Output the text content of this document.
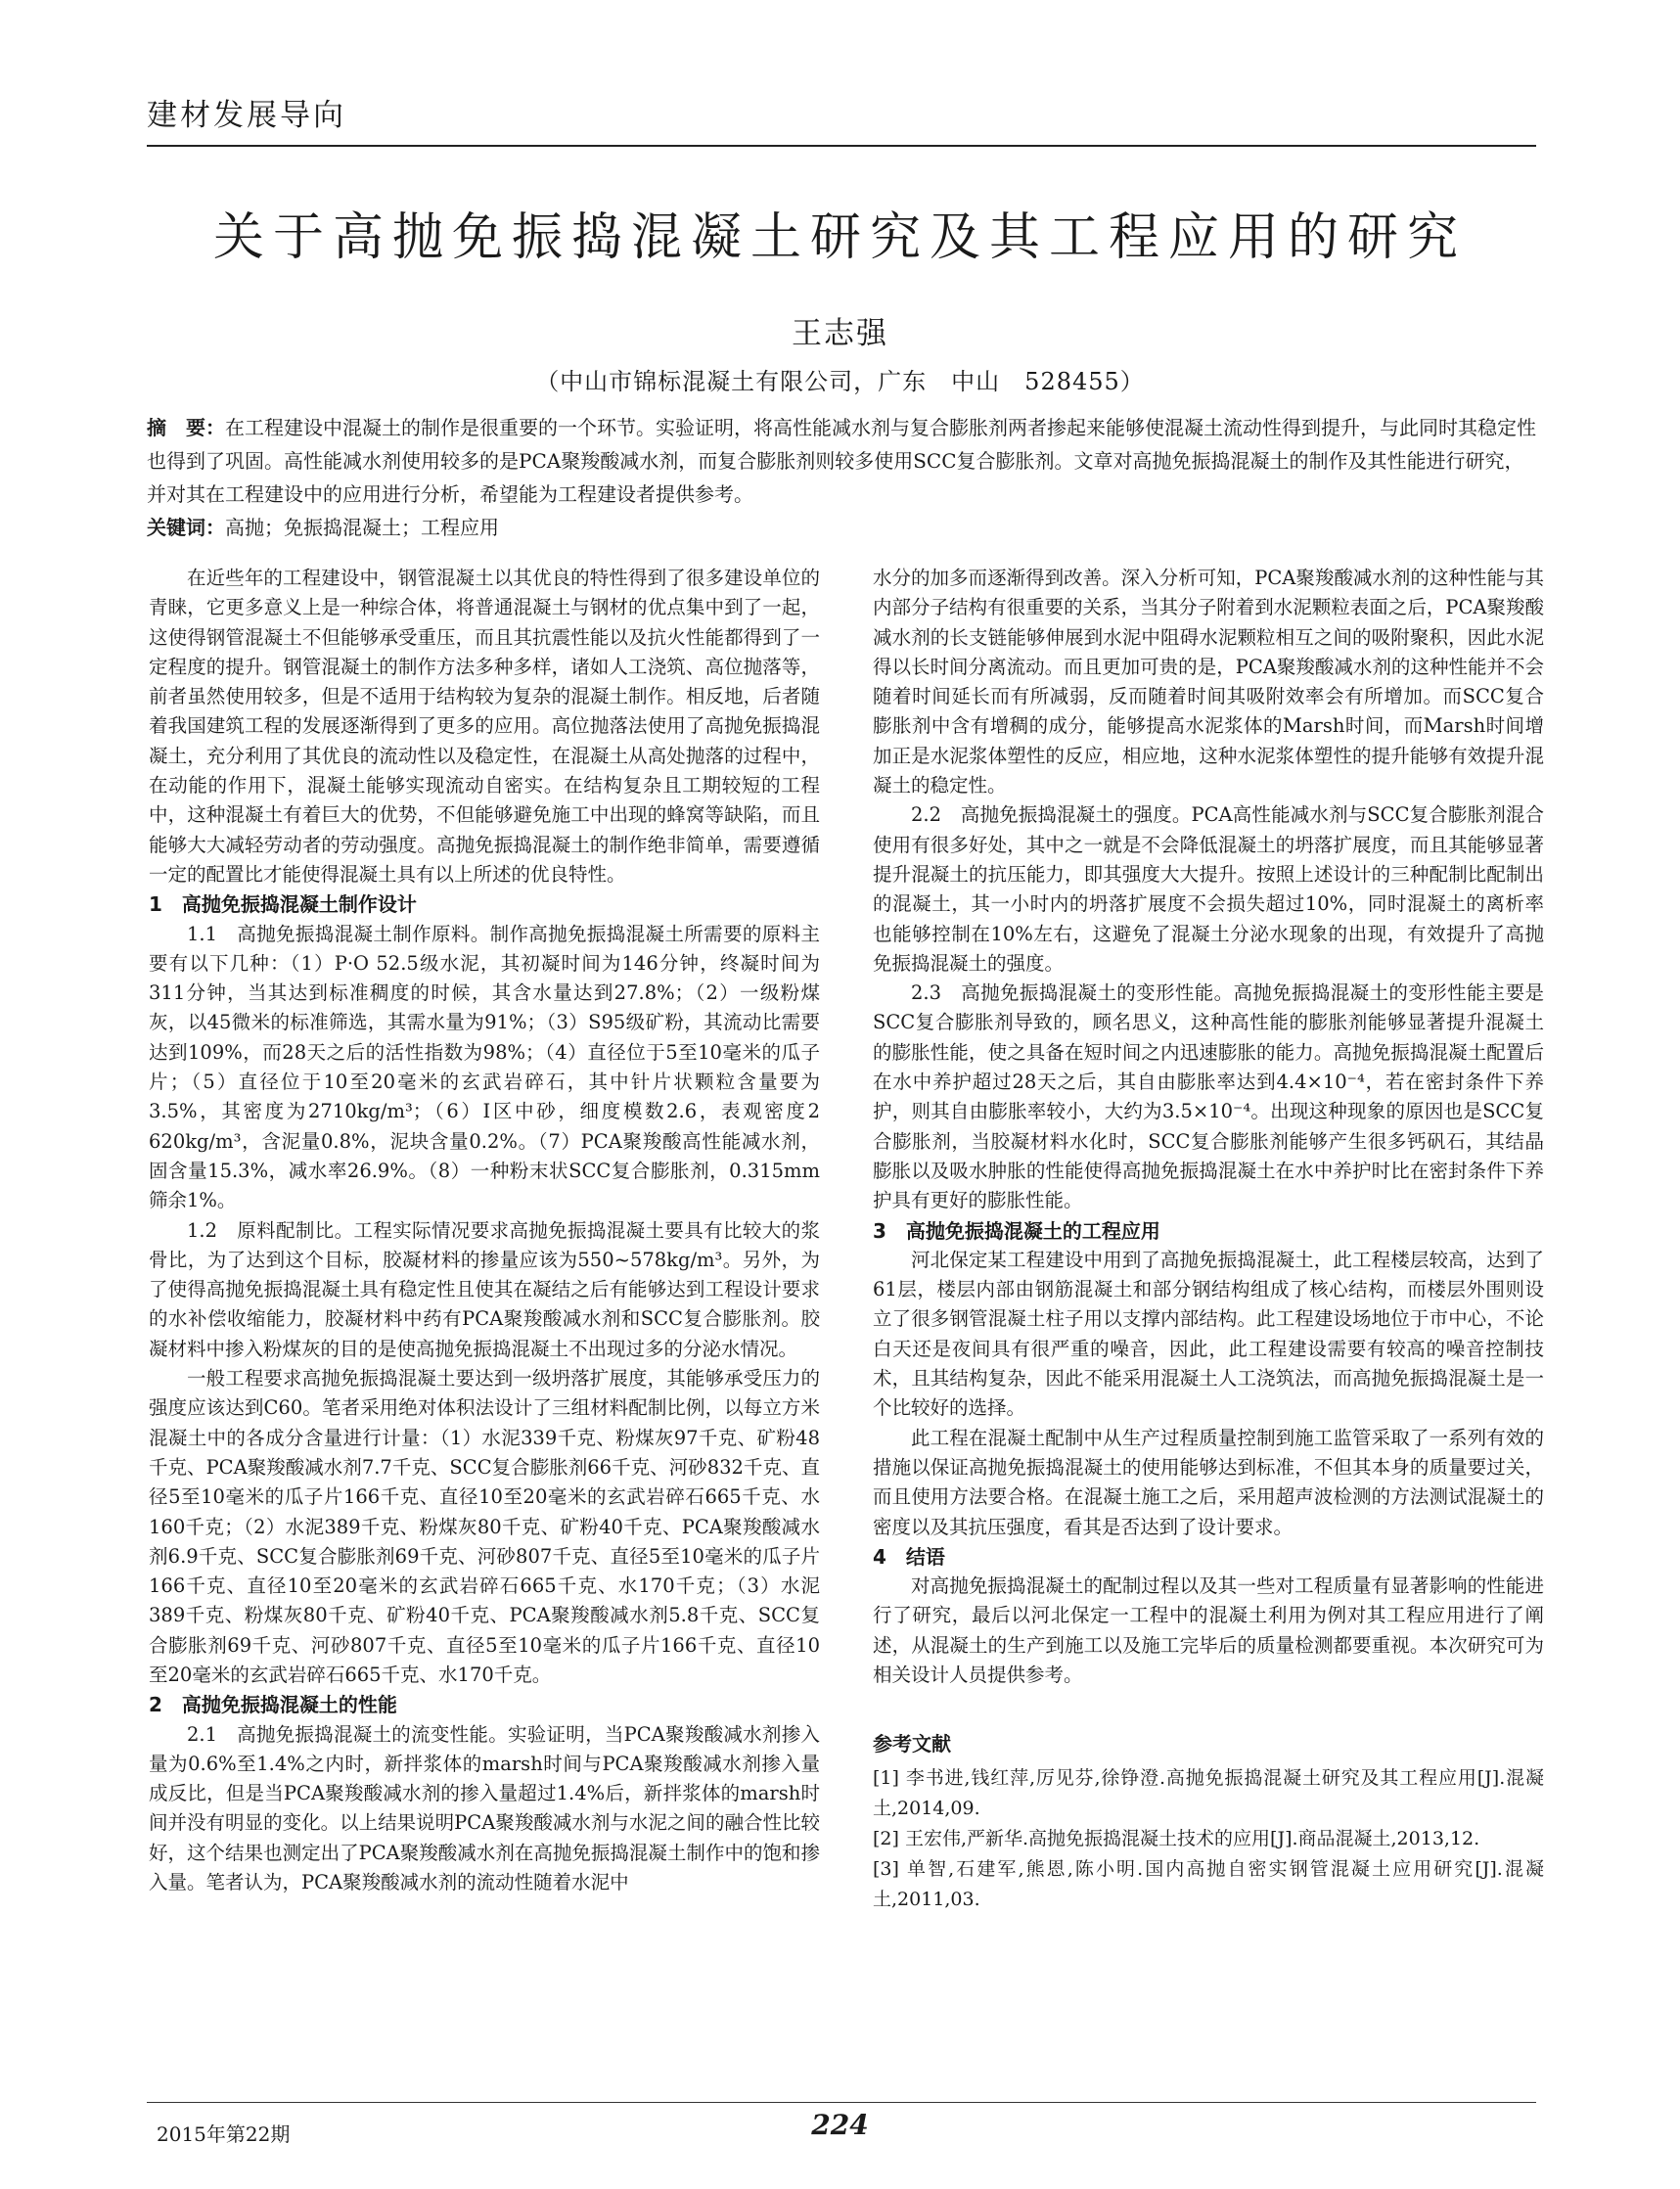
建材发展导向
关于高抛免振捣混凝土研究及其工程应用的研究
王志强
（中山市锦标混凝土有限公司，广东　中山　528455）
摘　要：在工程建设中混凝土的制作是很重要的一个环节。实验证明，将高性能减水剂与复合膨胀剂两者掺起来能够使混凝土流动性得到提升，与此同时其稳定性也得到了巩固。高性能减水剂使用较多的是PCA聚羧酸减水剂，而复合膨胀剂则较多使用SCC复合膨胀剂。文章对高抛免振捣混凝土的制作及其性能进行研究，并对其在工程建设中的应用进行分析，希望能为工程建设者提供参考。
关键词：高抛；免振捣混凝土；工程应用

在近些年的工程建设中，钢管混凝土以其优良的特性得到了很多建设单位的青睐，它更多意义上是一种综合体，将普通混凝土与钢材的优点集中到了一起，这使得钢管混凝土不但能够承受重压，而且其抗震性能以及抗火性能都得到了一定程度的提升。钢管混凝土的制作方法多种多样，诸如人工浇筑、高位抛落等，前者虽然使用较多，但是不适用于结构较为复杂的混凝土制作。相反地，后者随着我国建筑工程的发展逐渐得到了更多的应用。高位抛落法使用了高抛免振捣混凝土，充分利用了其优良的流动性以及稳定性，在混凝土从高处抛落的过程中，在动能的作用下，混凝土能够实现流动自密实。在结构复杂且工期较短的工程中，这种混凝土有着巨大的优势，不但能够避免施工中出现的蜂窝等缺陷，而且能够大大减轻劳动者的劳动强度。高抛免振捣混凝土的制作绝非简单，需要遵循一定的配置比才能使得混凝土具有以上所述的优良特性。

1　高抛免振捣混凝土制作设计

1.1　高抛免振捣混凝土制作原料。制作高抛免振捣混凝土所需要的原料主要有以下几种：（1）P·O 52.5级水泥，其初凝时间为146分钟，终凝时间为311分钟，当其达到标准稠度的时候，其含水量达到27.8%；（2）一级粉煤灰，以45微米的标准筛选，其需水量为91%；（3）S95级矿粉，其流动比需要达到109%，而28天之后的活性指数为98%；（4）直径位于5至10毫米的瓜子片；（5）直径位于10至20毫米的玄武岩碎石，其中针片状颗粒含量要为3.5%，其密度为2710kg/m³；（6）Ⅰ区中砂，细度模数2.6，表观密度2 620kg/m³，含泥量0.8%，泥块含量0.2%。（7）PCA聚羧酸高性能减水剂，固含量15.3%，减水率26.9%。（8）一种粉末状SCC复合膨胀剂，0.315mm筛余1%。

1.2　原料配制比。工程实际情况要求高抛免振捣混凝土要具有比较大的浆骨比，为了达到这个目标，胶凝材料的掺量应该为550~578kg/m³。另外，为了使得高抛免振捣混凝土具有稳定性且使其在凝结之后有能够达到工程设计要求的水补偿收缩能力，胶凝材料中药有PCA聚羧酸减水剂和SCC复合膨胀剂。胶凝材料中掺入粉煤灰的目的是使高抛免振捣混凝土不出现过多的分泌水情况。

一般工程要求高抛免振捣混凝土要达到一级坍落扩展度，其能够承受压力的强度应该达到C60。笔者采用绝对体积法设计了三组材料配制比例，以每立方米混凝土中的各成分含量进行计量：（1）水泥339千克、粉煤灰97千克、矿粉48千克、PCA聚羧酸减水剂7.7千克、SCC复合膨胀剂66千克、河砂832千克、直径5至10毫米的瓜子片166千克、直径10至20毫米的玄武岩碎石665千克、水160千克；（2）水泥389千克、粉煤灰80千克、矿粉40千克、PCA聚羧酸减水剂6.9千克、SCC复合膨胀剂69千克、河砂807千克、直径5至10毫米的瓜子片166千克、直径10至20毫米的玄武岩碎石665千克、水170千克；（3）水泥389千克、粉煤灰80千克、矿粉40千克、PCA聚羧酸减水剂5.8千克、SCC复合膨胀剂69千克、河砂807千克、直径5至10毫米的瓜子片166千克、直径10至20毫米的玄武岩碎石665千克、水170千克。

2　高抛免振捣混凝土的性能

2.1　高抛免振捣混凝土的流变性能。实验证明，当PCA聚羧酸减水剂掺入量为0.6%至1.4%之内时，新拌浆体的marsh时间与PCA聚羧酸减水剂掺入量成反比，但是当PCA聚羧酸减水剂的掺入量超过1.4%后，新拌浆体的marsh时间并没有明显的变化。以上结果说明PCA聚羧酸减水剂与水泥之间的融合性比较好，这个结果也测定出了PCA聚羧酸减水剂在高抛免振捣混凝土制作中的饱和掺入量。笔者认为，PCA聚羧酸减水剂的流动性随着水泥中

水分的加多而逐渐得到改善。深入分析可知，PCA聚羧酸减水剂的这种性能与其内部分子结构有很重要的关系，当其分子附着到水泥颗粒表面之后，PCA聚羧酸减水剂的长支链能够伸展到水泥中阻碍水泥颗粒相互之间的吸附聚积，因此水泥得以长时间分离流动。而且更加可贵的是，PCA聚羧酸减水剂的这种性能并不会随着时间延长而有所减弱，反而随着时间其吸附效率会有所增加。而SCC复合膨胀剂中含有增稠的成分，能够提高水泥浆体的Marsh时间，而Marsh时间增加正是水泥浆体塑性的反应，相应地，这种水泥浆体塑性的提升能够有效提升混凝土的稳定性。

2.2　高抛免振捣混凝土的强度。PCA高性能减水剂与SCC复合膨胀剂混合使用有很多好处，其中之一就是不会降低混凝土的坍落扩展度，而且其能够显著提升混凝土的抗压能力，即其强度大大提升。按照上述设计的三种配制比配制出的混凝土，其一小时内的坍落扩展度不会损失超过10%，同时混凝土的离析率也能够控制在10%左右，这避免了混凝土分泌水现象的出现，有效提升了高抛免振捣混凝土的强度。

2.3　高抛免振捣混凝土的变形性能。高抛免振捣混凝土的变形性能主要是SCC复合膨胀剂导致的，顾名思义，这种高性能的膨胀剂能够显著提升混凝土的膨胀性能，使之具备在短时间之内迅速膨胀的能力。高抛免振捣混凝土配置后在水中养护超过28天之后，其自由膨胀率达到4.4×10⁻⁴，若在密封条件下养护，则其自由膨胀率较小，大约为3.5×10⁻⁴。出现这种现象的原因也是SCC复合膨胀剂，当胶凝材料水化时，SCC复合膨胀剂能够产生很多钙矾石，其结晶膨胀以及吸水肿胀的性能使得高抛免振捣混凝土在水中养护时比在密封条件下养护具有更好的膨胀性能。

3　高抛免振捣混凝土的工程应用

河北保定某工程建设中用到了高抛免振捣混凝土，此工程楼层较高，达到了61层，楼层内部由钢筋混凝土和部分钢结构组成了核心结构，而楼层外围则设立了很多钢管混凝土柱子用以支撑内部结构。此工程建设场地位于市中心，不论白天还是夜间具有很严重的噪音，因此，此工程建设需要有较高的噪音控制技术，且其结构复杂，因此不能采用混凝土人工浇筑法，而高抛免振捣混凝土是一个比较好的选择。

此工程在混凝土配制中从生产过程质量控制到施工监管采取了一系列有效的措施以保证高抛免振捣混凝土的使用能够达到标准，不但其本身的质量要过关，而且使用方法要合格。在混凝土施工之后，采用超声波检测的方法测试混凝土的密度以及其抗压强度，看其是否达到了设计要求。

4　结语

对高抛免振捣混凝土的配制过程以及其一些对工程质量有显著影响的性能进行了研究，最后以河北保定一工程中的混凝土利用为例对其工程应用进行了阐述，从混凝土的生产到施工以及施工完毕后的质量检测都要重视。本次研究可为相关设计人员提供参考。

参考文献

[1] 李书进,钱红萍,厉见芬,徐铮澄.高抛免振捣混凝土研究及其工程应用[J].混凝土,2014,09.

[2] 王宏伟,严新华.高抛免振捣混凝土技术的应用[J].商品混凝土,2013,12.

[3] 单智,石建军,熊恩,陈小明.国内高抛自密实钢管混凝土应用研究[J].混凝土,2011,03.

2015年第22期	224
